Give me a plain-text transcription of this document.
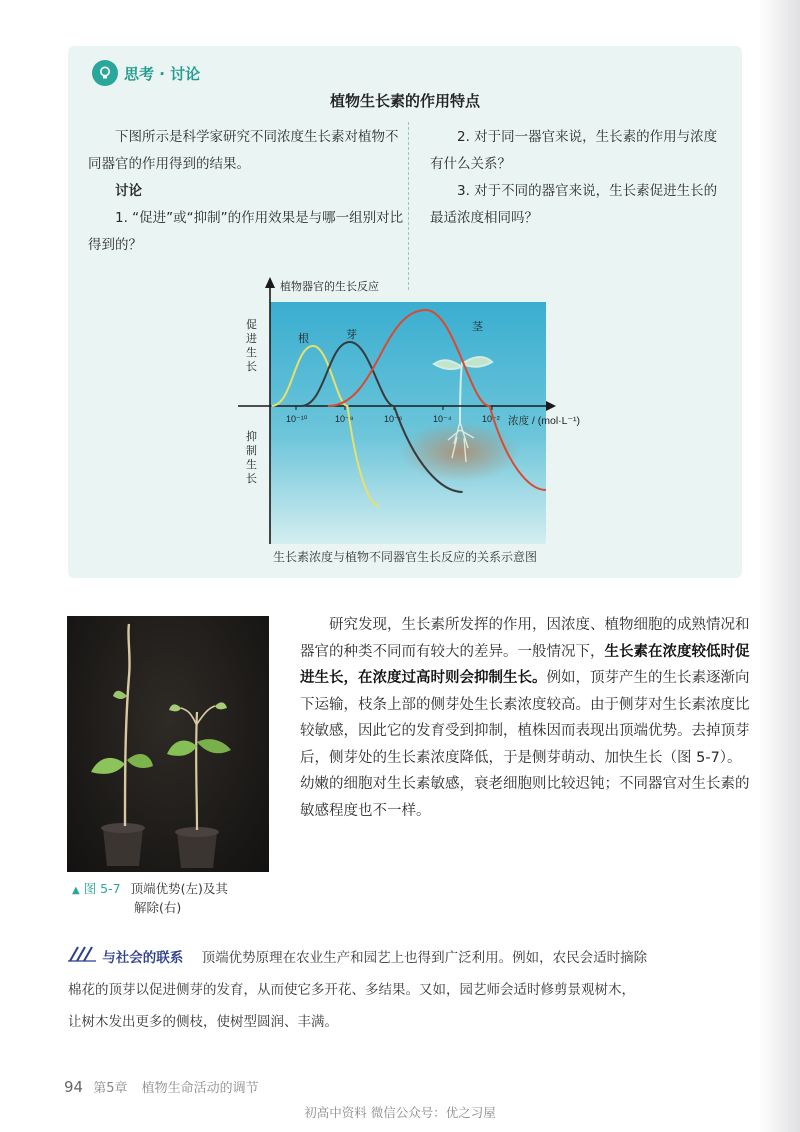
思考 · 讨论
植物生长素的作用特点

下图所示是科学家研究不同浓度生长素对植物不同器官的作用得到的结果。

讨论

1. “促进”或“抑制”的作用效果是与哪一组别对比得到的？

2. 对于同一器官来说，生长素的作用与浓度有什么关系？

3. 对于不同的器官来说，生长素促进生长的最适浓度相同吗？

植物器官的生长反应
10⁻¹⁰	10⁻⁸	10⁻⁶	10⁻⁴	10⁻² 浓度 / (mol·L⁻¹)
根	芽
茎
促进生长
抑制生长
生长素浓度与植物不同器官生长反应的关系示意图
▲ 图 5-7 顶端优势(左)及其
解除(右)

研究发现，生长素所发挥的作用，因浓度、植物细胞的成熟情况和器官的种类不同而有较大的差异。一般情况下，生长素在浓度较低时促进生长，在浓度过高时则会抑制生长。例如，顶芽产生的生长素逐渐向下运输，枝条上部的侧芽处生长素浓度较高。由于侧芽对生长素浓度比较敏感，因此它的发育受到抑制，植株因而表现出顶端优势。去掉顶芽后，侧芽处的生长素浓度降低，于是侧芽萌动、加快生长（图 5-7）。幼嫩的细胞对生长素敏感，衰老细胞则比较迟钝；不同器官对生长素的敏感程度也不一样。

与社会的联系 顶端优势原理在农业生产和园艺上也得到广泛利用。例如，农民会适时摘除

棉花的顶芽以促进侧芽的发育，从而使它多开花、多结果。又如，园艺师会适时修剪景观树木，

让树木发出更多的侧枝，使树型圆润、丰满。

94 第5章 植物生命活动的调节
初高中资料 微信公众号：优之习屋
